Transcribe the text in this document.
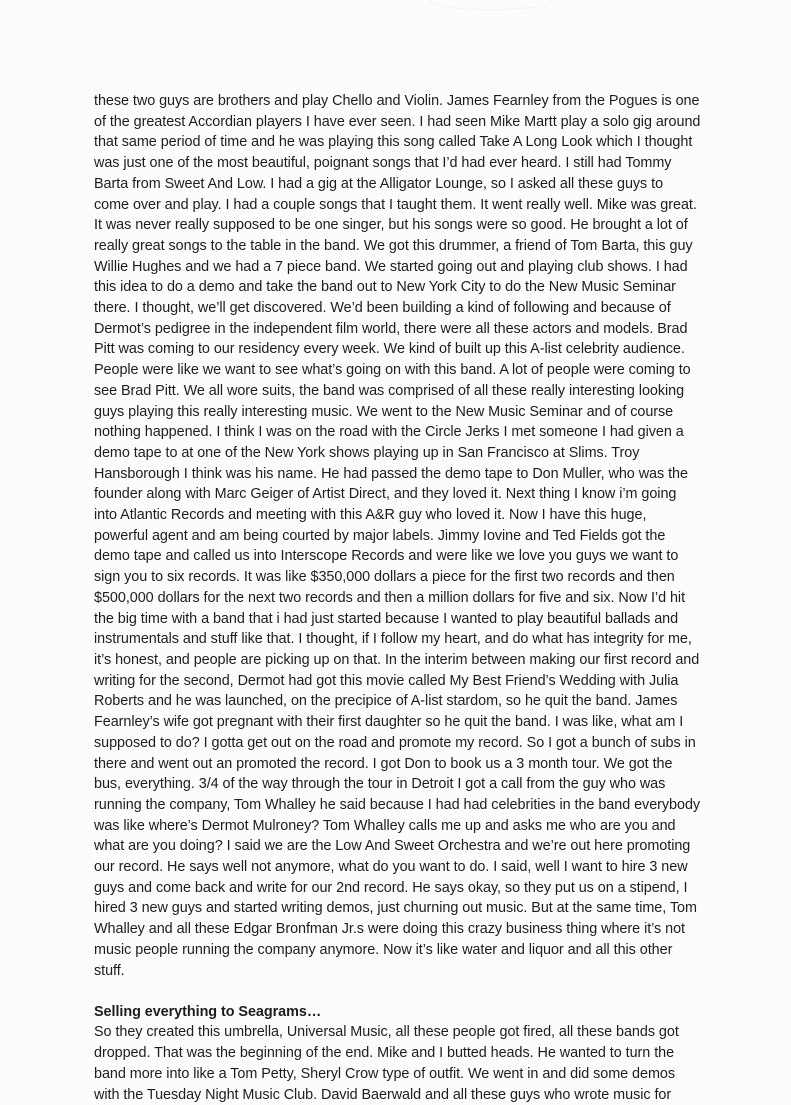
these two guys are brothers and play Chello and Violin. James Fearnley from the Pogues is one
of the greatest Accordian players I have ever seen. I had seen Mike Martt play a solo gig around
that same period of time and he was playing this song called Take A Long Look which I thought
was just one of the most beautiful, poignant songs that I’d had ever heard. I still had Tommy
Barta from Sweet And Low. I had a gig at the Alligator Lounge, so I asked all these guys to
come over and play. I had a couple songs that I taught them. It went really well. Mike was great.
It was never really supposed to be one singer, but his songs were so good. He brought a lot of
really great songs to the table in the band. We got this drummer, a friend of Tom Barta, this guy
Willie Hughes and we had a 7 piece band. We started going out and playing club shows. I had
this idea to do a demo and take the band out to New York City to do the New Music Seminar
there. I thought, we’ll get discovered. We’d been building a kind of following and because of
Dermot’s pedigree in the independent film world, there were all these actors and models. Brad
Pitt was coming to our residency every week. We kind of built up this A-list celebrity audience.
People were like we want to see what’s going on with this band. A lot of people were coming to
see Brad Pitt. We all wore suits, the band was comprised of all these really interesting looking
guys playing this really interesting music. We went to the New Music Seminar and of course
nothing happened. I think I was on the road with the Circle Jerks I met someone I had given a
demo tape to at one of the New York shows playing up in San Francisco at Slims. Troy
Hansborough I think was his name. He had passed the demo tape to Don Muller, who was the
founder along with Marc Geiger of Artist Direct, and they loved it. Next thing I know i’m going
into Atlantic Records and meeting with this A&R guy who loved it. Now I have this huge,
powerful agent and am being courted by major labels. Jimmy Iovine and Ted Fields got the
demo tape and called us into Interscope Records and were like we love you guys we want to
sign you to six records. It was like $350,000 dollars a piece for the first two records and then
$500,000 dollars for the next two records and then a million dollars for five and six. Now I’d hit
the big time with a band that i had just started because I wanted to play beautiful ballads and
instrumentals and stuff like that. I thought, if I follow my heart, and do what has integrity for me,
it’s honest, and people are picking up on that. In the interim between making our first record and
writing for the second, Dermot had got this movie called My Best Friend’s Wedding with Julia
Roberts and he was launched, on the precipice of A-list stardom, so he quit the band. James
Fearnley’s wife got pregnant with their first daughter so he quit the band. I was like, what am I
supposed to do? I gotta get out on the road and promote my record. So I got a bunch of subs in
there and went out an promoted the record. I got Don to book us a 3 month tour. We got the
bus, everything. 3/4 of the way through the tour in Detroit I got a call from the guy who was
running the company, Tom Whalley he said because I had had celebrities in the band everybody
was like where’s Dermot Mulroney? Tom Whalley calls me up and asks me who are you and
what are you doing? I said we are the Low And Sweet Orchestra and we’re out here promoting
our record. He says well not anymore, what do you want to do. I said, well I want to hire 3 new
guys and come back and write for our 2nd record. He says okay, so they put us on a stipend, I
hired 3 new guys and started writing demos, just churning out music. But at the same time, Tom
Whalley and all these Edgar Bronfman Jr.s were doing this crazy business thing where it’s not
music people running the company anymore. Now it’s like water and liquor and all this other
stuff.
Selling everything to Seagrams…
So they created this umbrella, Universal Music, all these people got fired, all these bands got
dropped. That was the beginning of the end. Mike and I butted heads. He wanted to turn the
band more into like a Tom Petty, Sheryl Crow type of outfit. We went in and did some demos
with the Tuesday Night Music Club. David Baerwald and all these guys who wrote music for
